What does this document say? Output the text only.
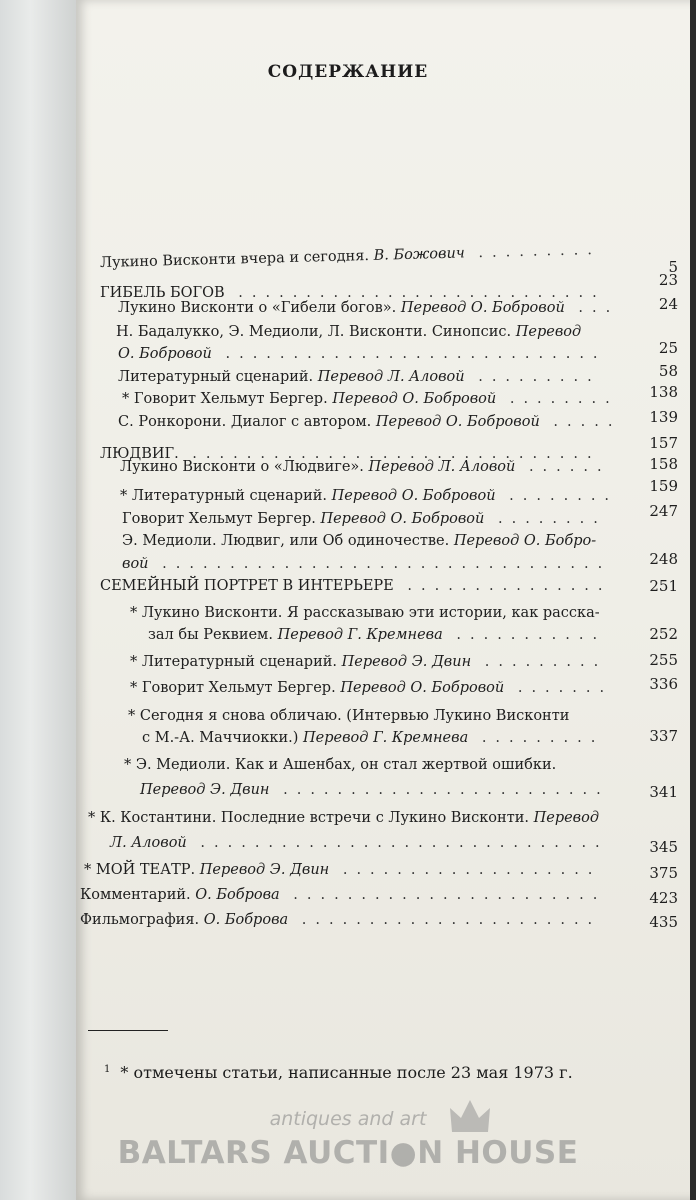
СОДЕРЖАНИЕ
Лукино Висконти вчера и сегодня. В. Божович .........
5
ГИБЕЛЬ БОГОВ ...........................
23
Лукино Висконти о «Гибели богов». Перевод О. Бобровой ...	24
Н. Бадалукко, Э. Медиоли, Л. Висконти. Синопсис. Перевод
О. Бобровой ............................	25
Литературный сценарий. Перевод Л. Аловой .........	58
* Говорит Хельмут Бергер. Перевод О. Бобровой ........	138
С. Ронкорони. Диалог с автором. Перевод О. Бобровой .....	139
ЛЮДВИГ. ..............................
157
Лукино Висконти о «Людвиге». Перевод Л. Аловой ......	158
* Литературный сценарий. Перевод О. Бобровой ........
159
Говорит Хельмут Бергер. Перевод О. Бобровой ........	247
Э. Медиоли. Людвиг, или Об одиночестве. Перевод О. Бобро-
вой .................................	248
СЕМЕЙНЫЙ ПОРТРЕТ В ИНТЕРЬЕРЕ ...............	251
* Лукино Висконти. Я рассказываю эти истории, как расска-
зал бы Реквием. Перевод Г. Кремнева ...........	252
* Литературный сценарий. Перевод Э. Двин .........	255
* Говорит Хельмут Бергер. Перевод О. Бобровой .......	336
* Сегодня я снова обличаю. (Интервью Лукино Висконти
с М.-А. Маччиокки.) Перевод Г. Кремнева .........	337
* Э. Медиоли. Как и Ашенбах, он стал жертвой ошибки.
Перевод Э. Двин ........................	341
* К. Костантини. Последние встречи с Лукино Висконти. Перевод
Л. Аловой ..............................	345
* МОЙ ТЕАТР. Перевод Э. Двин ...................	375
Комментарий. О. Боброва .......................	423
Фильмография. О. Боброва ......................	435
$^1$ * отмечены статьи, написанные после 23 мая 1973 г.
antiques and art
BALTARS AUCTI●N HOUSE
